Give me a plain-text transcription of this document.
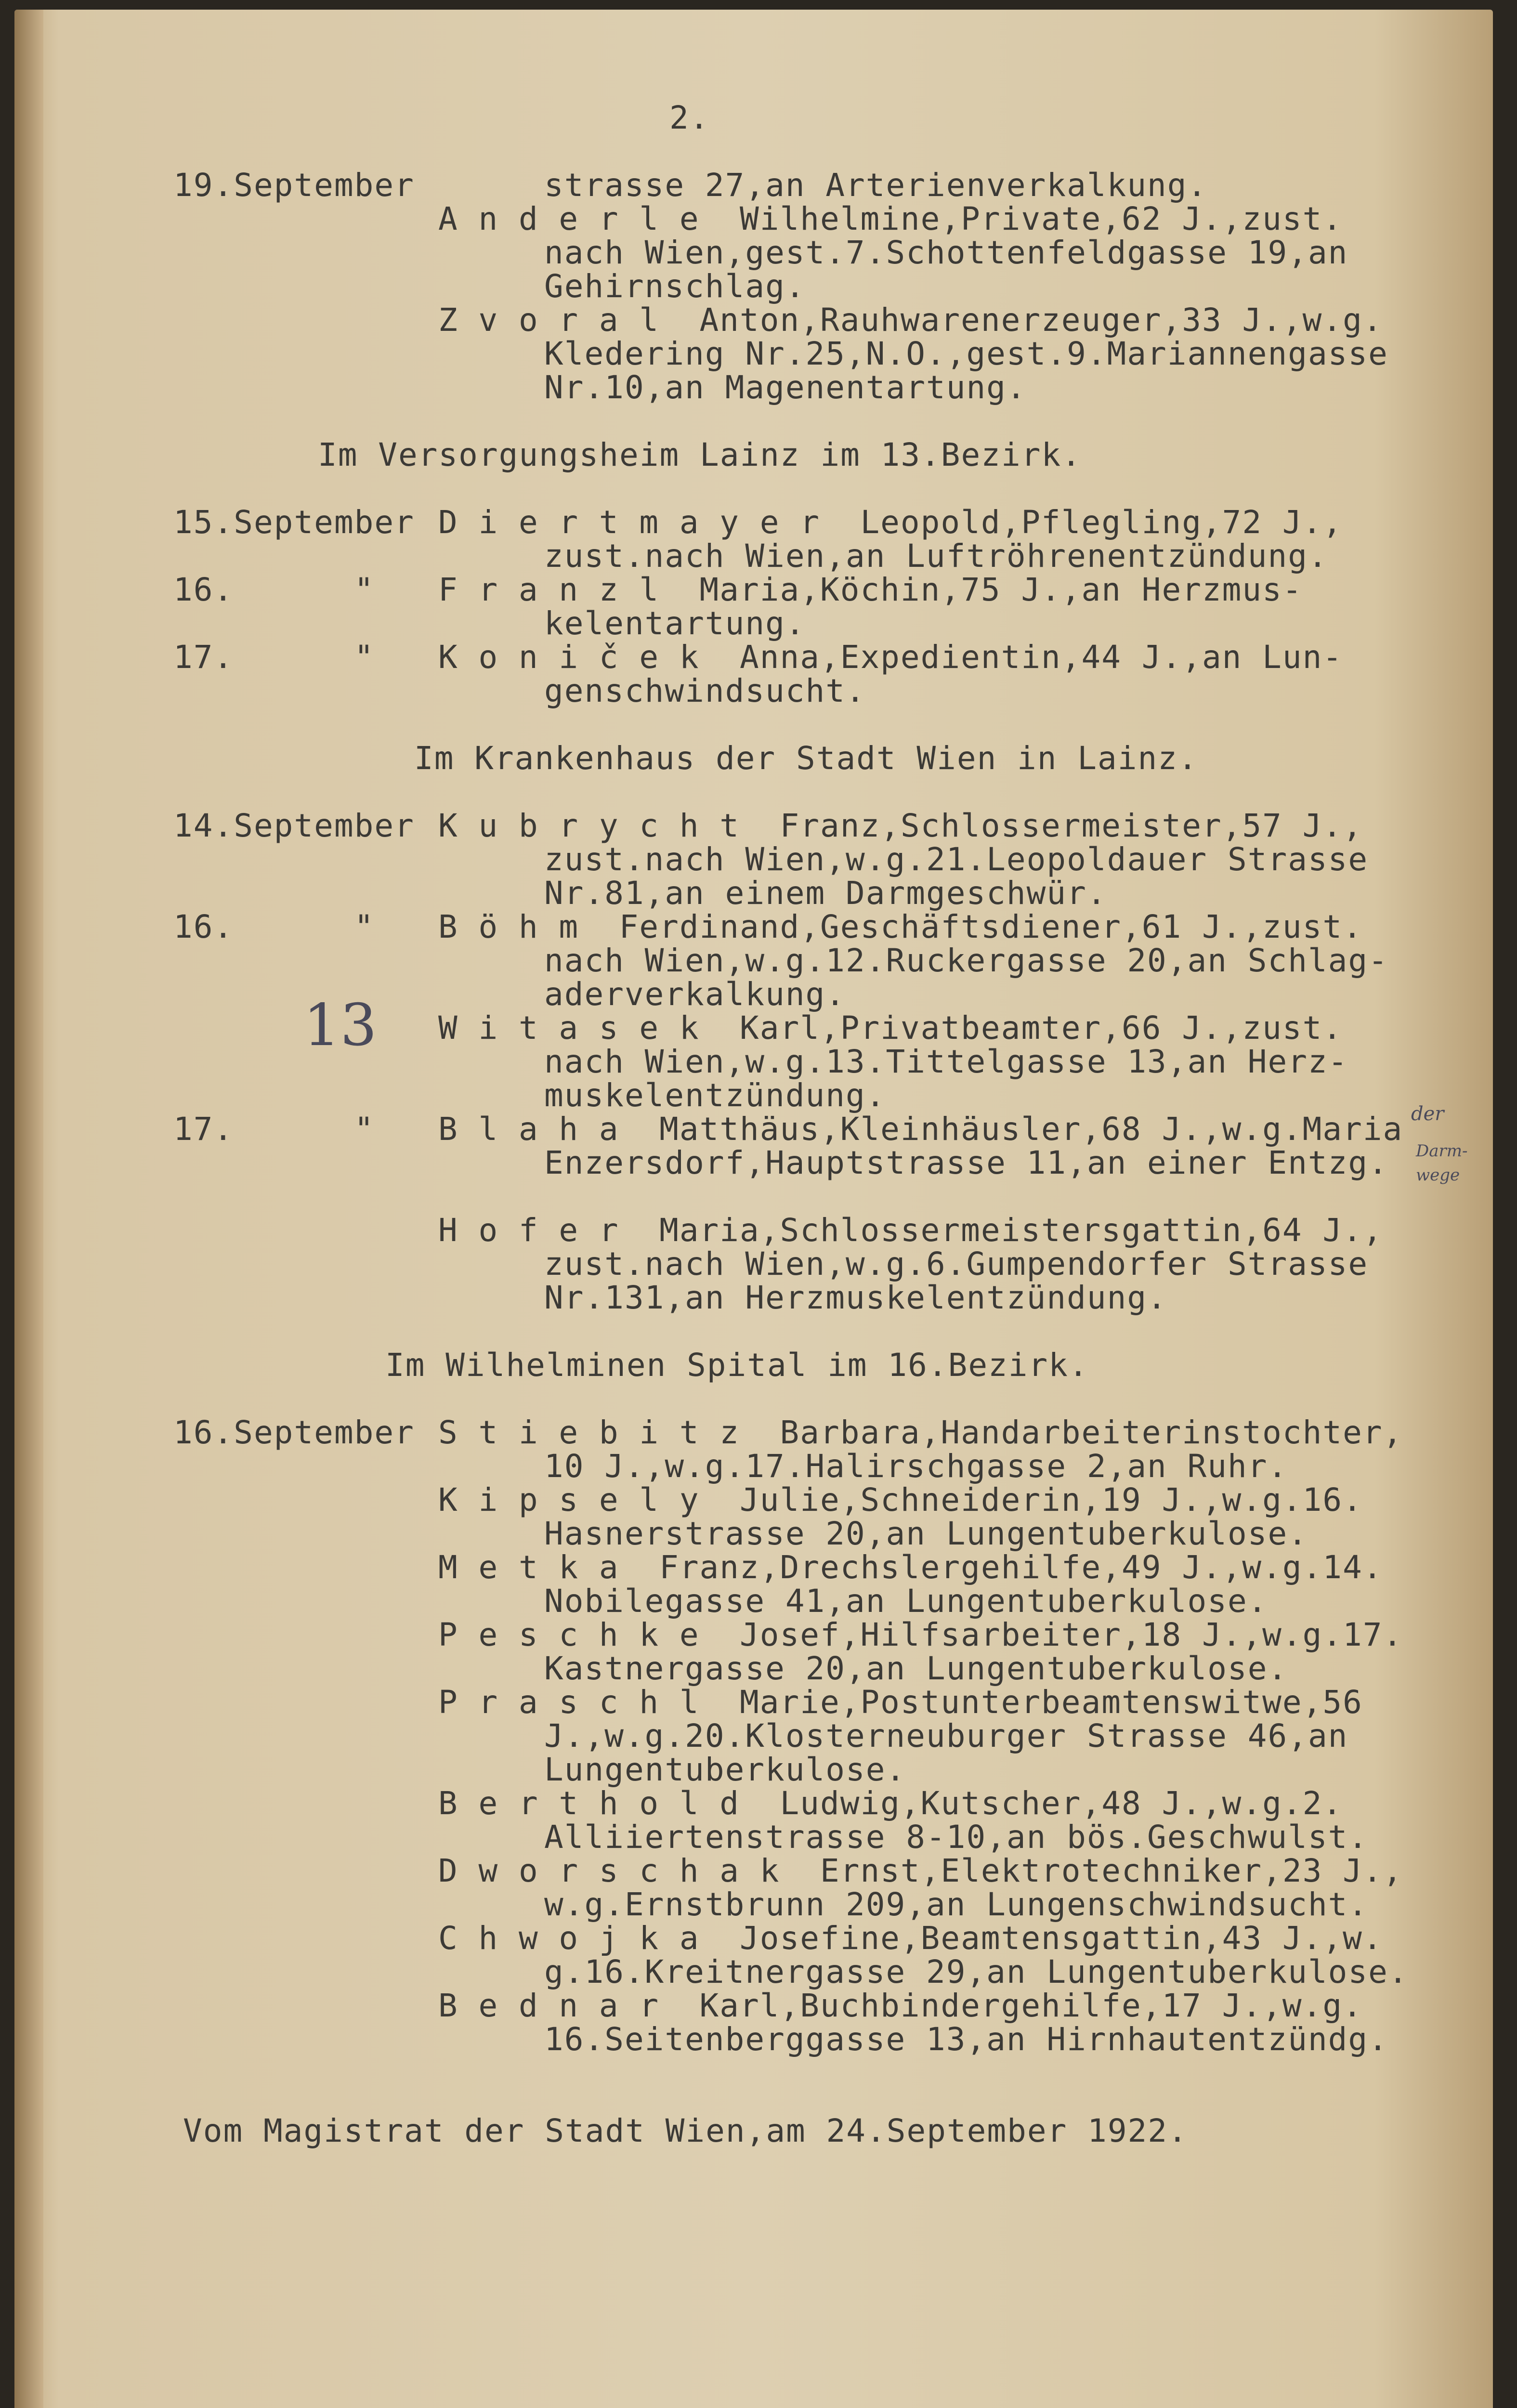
2.
19.September	strasse 27,an Arterienverkalkung.
A n d e r l e  Wilhelmine,Private,62 J.,zust.
nach Wien,gest.7.Schottenfeldgasse 19,an
Gehirnschlag.
Z v o r a l  Anton,Rauhwarenerzeuger,33 J.,w.g.
Kledering Nr.25,N.O.,gest.9.Mariannengasse
Nr.10,an Magenentartung.
Im Versorgungsheim Lainz im 13.Bezirk.
15.September D i e r t m a y e r  Leopold,Pflegling,72 J.,
zust.nach Wien,an Luftröhrenentzündung.
16.      " F r a n z l  Maria,Köchin,75 J.,an Herzmus-
kelentartung.
17.      " K o n i č e k  Anna,Expedientin,44 J.,an Lun-
genschwindsucht.
Im Krankenhaus der Stadt Wien in Lainz.
14.September K u b r y c h t  Franz,Schlossermeister,57 J.,
zust.nach Wien,w.g.21.Leopoldauer Strasse
Nr.81,an einem Darmgeschwür.
16.      " B ö h m  Ferdinand,Geschäftsdiener,61 J.,zust.
nach Wien,w.g.12.Ruckergasse 20,an Schlag-
aderverkalkung.
W i t a s e k  Karl,Privatbeamter,66 J.,zust.
nach Wien,w.g.13.Tittelgasse 13,an Herz-
muskelentzündung.
17.      " B l a h a  Matthäus,Kleinhäusler,68 J.,w.g.Maria
Enzersdorf,Hauptstrasse 11,an einer Entzg.
H o f e r  Maria,Schlossermeistersgattin,64 J.,
zust.nach Wien,w.g.6.Gumpendorfer Strasse
Nr.131,an Herzmuskelentzündung.
Im Wilhelminen Spital im 16.Bezirk.
16.September S t i e b i t z  Barbara,Handarbeiterinstochter,
10 J.,w.g.17.Halirschgasse 2,an Ruhr.
K i p s e l y  Julie,Schneiderin,19 J.,w.g.16.
Hasnerstrasse 20,an Lungentuberkulose.
M e t k a  Franz,Drechslergehilfe,49 J.,w.g.14.
Nobilegasse 41,an Lungentuberkulose.
P e s c h k e  Josef,Hilfsarbeiter,18 J.,w.g.17.
Kastnergasse 20,an Lungentuberkulose.
P r a s c h l  Marie,Postunterbeamtenswitwe,56
J.,w.g.20.Klosterneuburger Strasse 46,an
Lungentuberkulose.
B e r t h o l d  Ludwig,Kutscher,48 J.,w.g.2.
Alliiertenstrasse 8-10,an bös.Geschwulst.
D w o r s c h a k  Ernst,Elektrotechniker,23 J.,
w.g.Ernstbrunn 209,an Lungenschwindsucht.
C h w o j k a  Josefine,Beamtensgattin,43 J.,w.
g.16.Kreitnergasse 29,an Lungentuberkulose.
B e d n a r  Karl,Buchbindergehilfe,17 J.,w.g.
16.Seitenberggasse 13,an Hirnhautentzündg.
Vom Magistrat der Stadt Wien,am 24.September 1922.
13
der
Darm-
wege
